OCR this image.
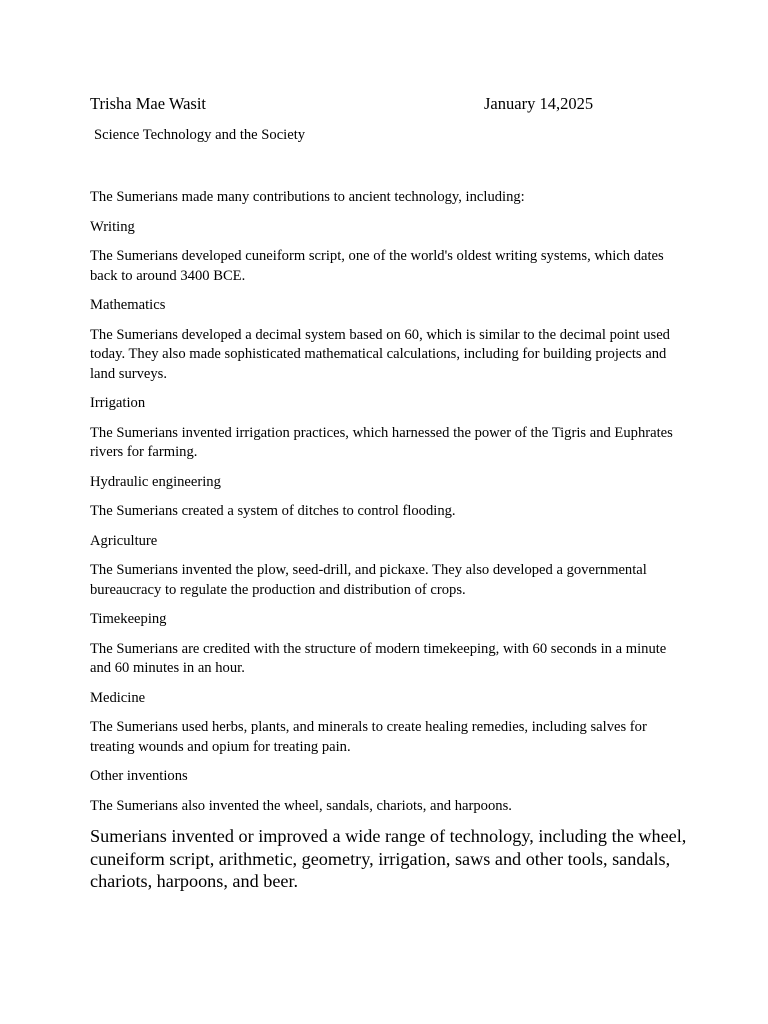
Trisha Mae Wasit	January 14,2025
Science Technology and the Society

The Sumerians made many contributions to ancient technology, including:

Writing

The Sumerians developed cuneiform script, one of the world's oldest writing systems, which dates back to around 3400 BCE.

Mathematics

The Sumerians developed a decimal system based on 60, which is similar to the decimal point used today. They also made sophisticated mathematical calculations, including for building projects and land surveys.

Irrigation

The Sumerians invented irrigation practices, which harnessed the power of the Tigris and Euphrates rivers for farming.

Hydraulic engineering

The Sumerians created a system of ditches to control flooding.

Agriculture

The Sumerians invented the plow, seed-drill, and pickaxe. They also developed a governmental bureaucracy to regulate the production and distribution of crops.

Timekeeping

The Sumerians are credited with the structure of modern timekeeping, with 60 seconds in a minute and 60 minutes in an hour.

Medicine

The Sumerians used herbs, plants, and minerals to create healing remedies, including salves for treating wounds and opium for treating pain.

Other inventions

The Sumerians also invented the wheel, sandals, chariots, and harpoons.

Sumerians invented or improved a wide range of technology, including the wheel, cuneiform script, arithmetic, geometry, irrigation, saws and other tools, sandals, chariots, harpoons, and beer.
